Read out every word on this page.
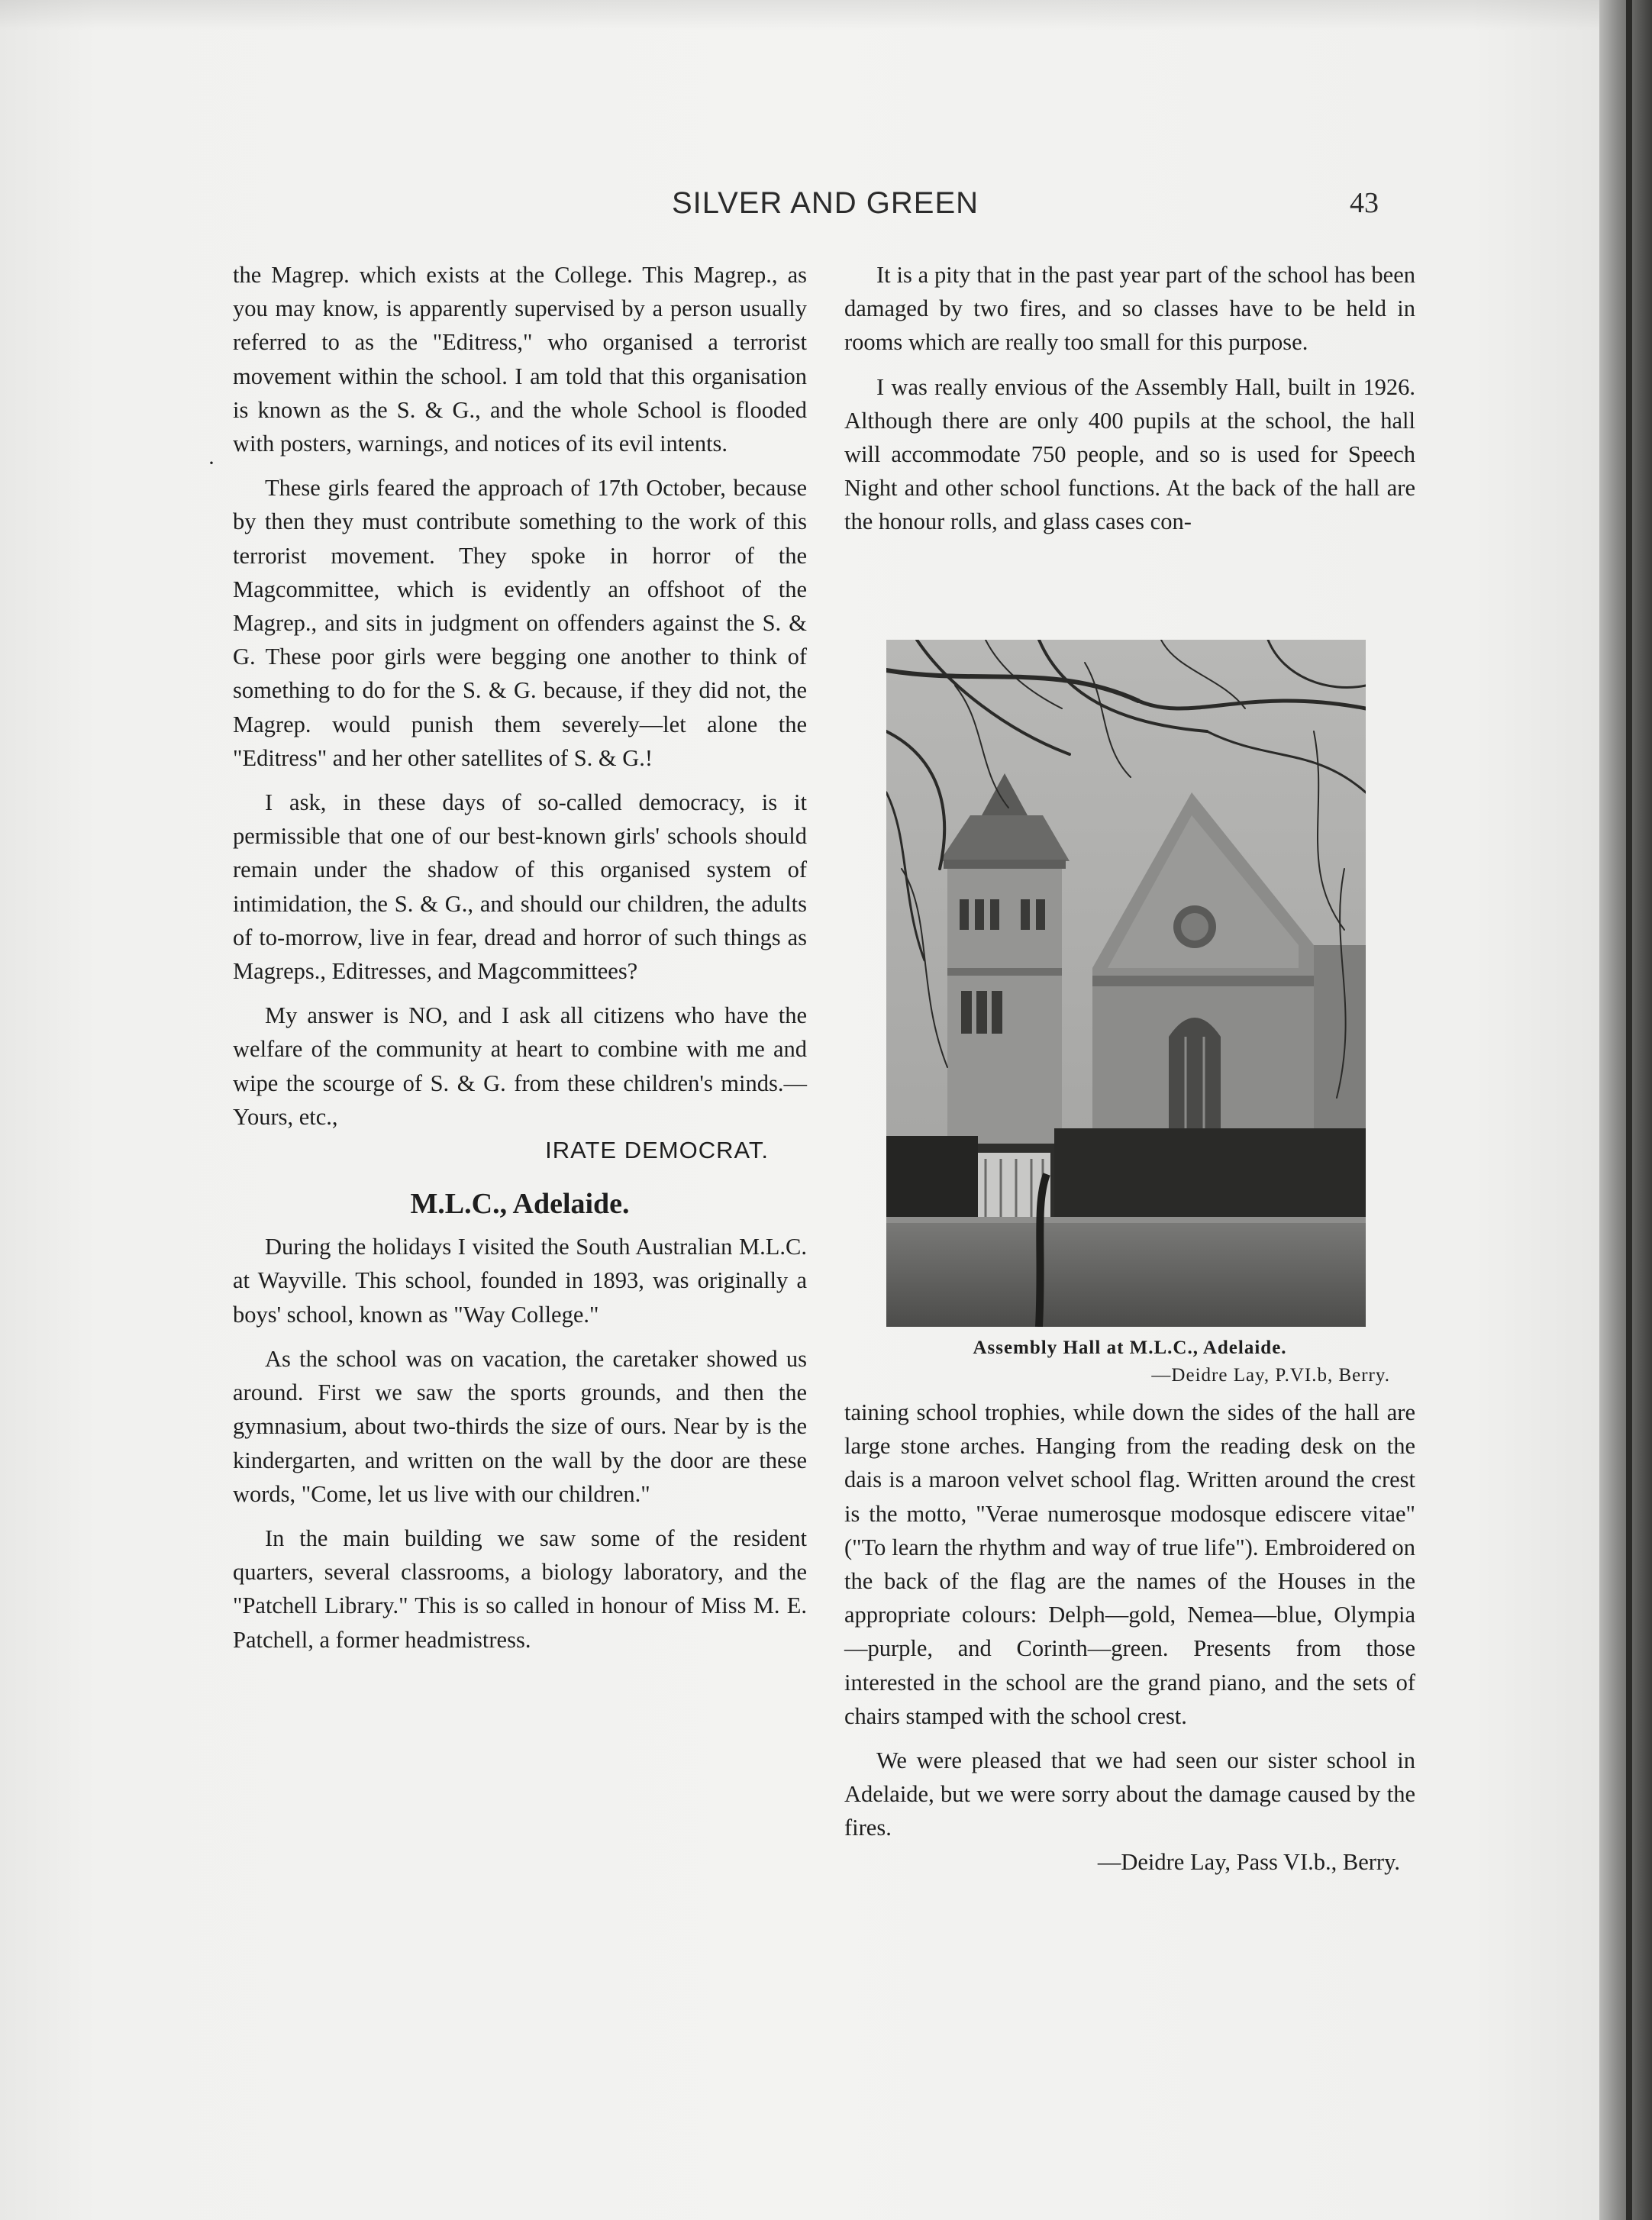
SILVER AND GREEN	43
·

the Magrep. which exists at the College. This Magrep., as you may know, is apparently supervised by a person usually referred to as the "Editress," who organised a terrorist movement within the school. I am told that this organisation is known as the S. & G., and the whole School is flooded with posters, warnings, and notices of its evil intents.

These girls feared the approach of 17th October, because by then they must contribute something to the work of this terrorist movement. They spoke in horror of the Magcommittee, which is evidently an offshoot of the Magrep., and sits in judgment on offenders against the S. & G. These poor girls were begging one another to think of something to do for the S. & G. because, if they did not, the Magrep. would punish them severely—let alone the "Editress" and her other satellites of S. & G.!

I ask, in these days of so-called democracy, is it permissible that one of our best-known girls' schools should remain under the shadow of this organised system of intimidation, the S. & G., and should our children, the adults of to-morrow, live in fear, dread and horror of such things as Magreps., Editresses, and Magcommittees?

My answer is NO, and I ask all citizens who have the welfare of the community at heart to combine with me and wipe the scourge of S. & G. from these children's minds.—Yours, etc.,

IRATE DEMOCRAT.

M.L.C., Adelaide.

During the holidays I visited the South Australian M.L.C. at Wayville. This school, founded in 1893, was originally a boys' school, known as "Way College."

As the school was on vacation, the caretaker showed us around. First we saw the sports grounds, and then the gymnasium, about two-thirds the size of ours. Near by is the kindergarten, and written on the wall by the door are these words, "Come, let us live with our children."

In the main building we saw some of the resident quarters, several classrooms, a biology laboratory, and the "Patchell Library." This is so called in honour of Miss M. E. Patchell, a former headmistress.

It is a pity that in the past year part of the school has been damaged by two fires, and so classes have to be held in rooms which are really too small for this purpose.

I was really envious of the Assembly Hall, built in 1926. Although there are only 400 pupils at the school, the hall will accommodate 750 people, and so is used for Speech Night and other school functions. At the back of the hall are the honour rolls, and glass cases con-

Assembly Hall at M.L.C., Adelaide.
—Deidre Lay, P.VI.b, Berry.

taining school trophies, while down the sides of the hall are large stone arches. Hanging from the reading desk on the dais is a maroon velvet school flag. Written around the crest is the motto, "Verae numerosque modosque ediscere vitae" ("To learn the rhythm and way of true life"). Embroidered on the back of the flag are the names of the Houses in the appropriate colours: Delph—gold, Nemea—blue, Olympia—purple, and Corinth—green. Presents from those interested in the school are the grand piano, and the sets of chairs stamped with the school crest.

We were pleased that we had seen our sister school in Adelaide, but we were sorry about the damage caused by the fires.

—Deidre Lay, Pass VI.b., Berry.
